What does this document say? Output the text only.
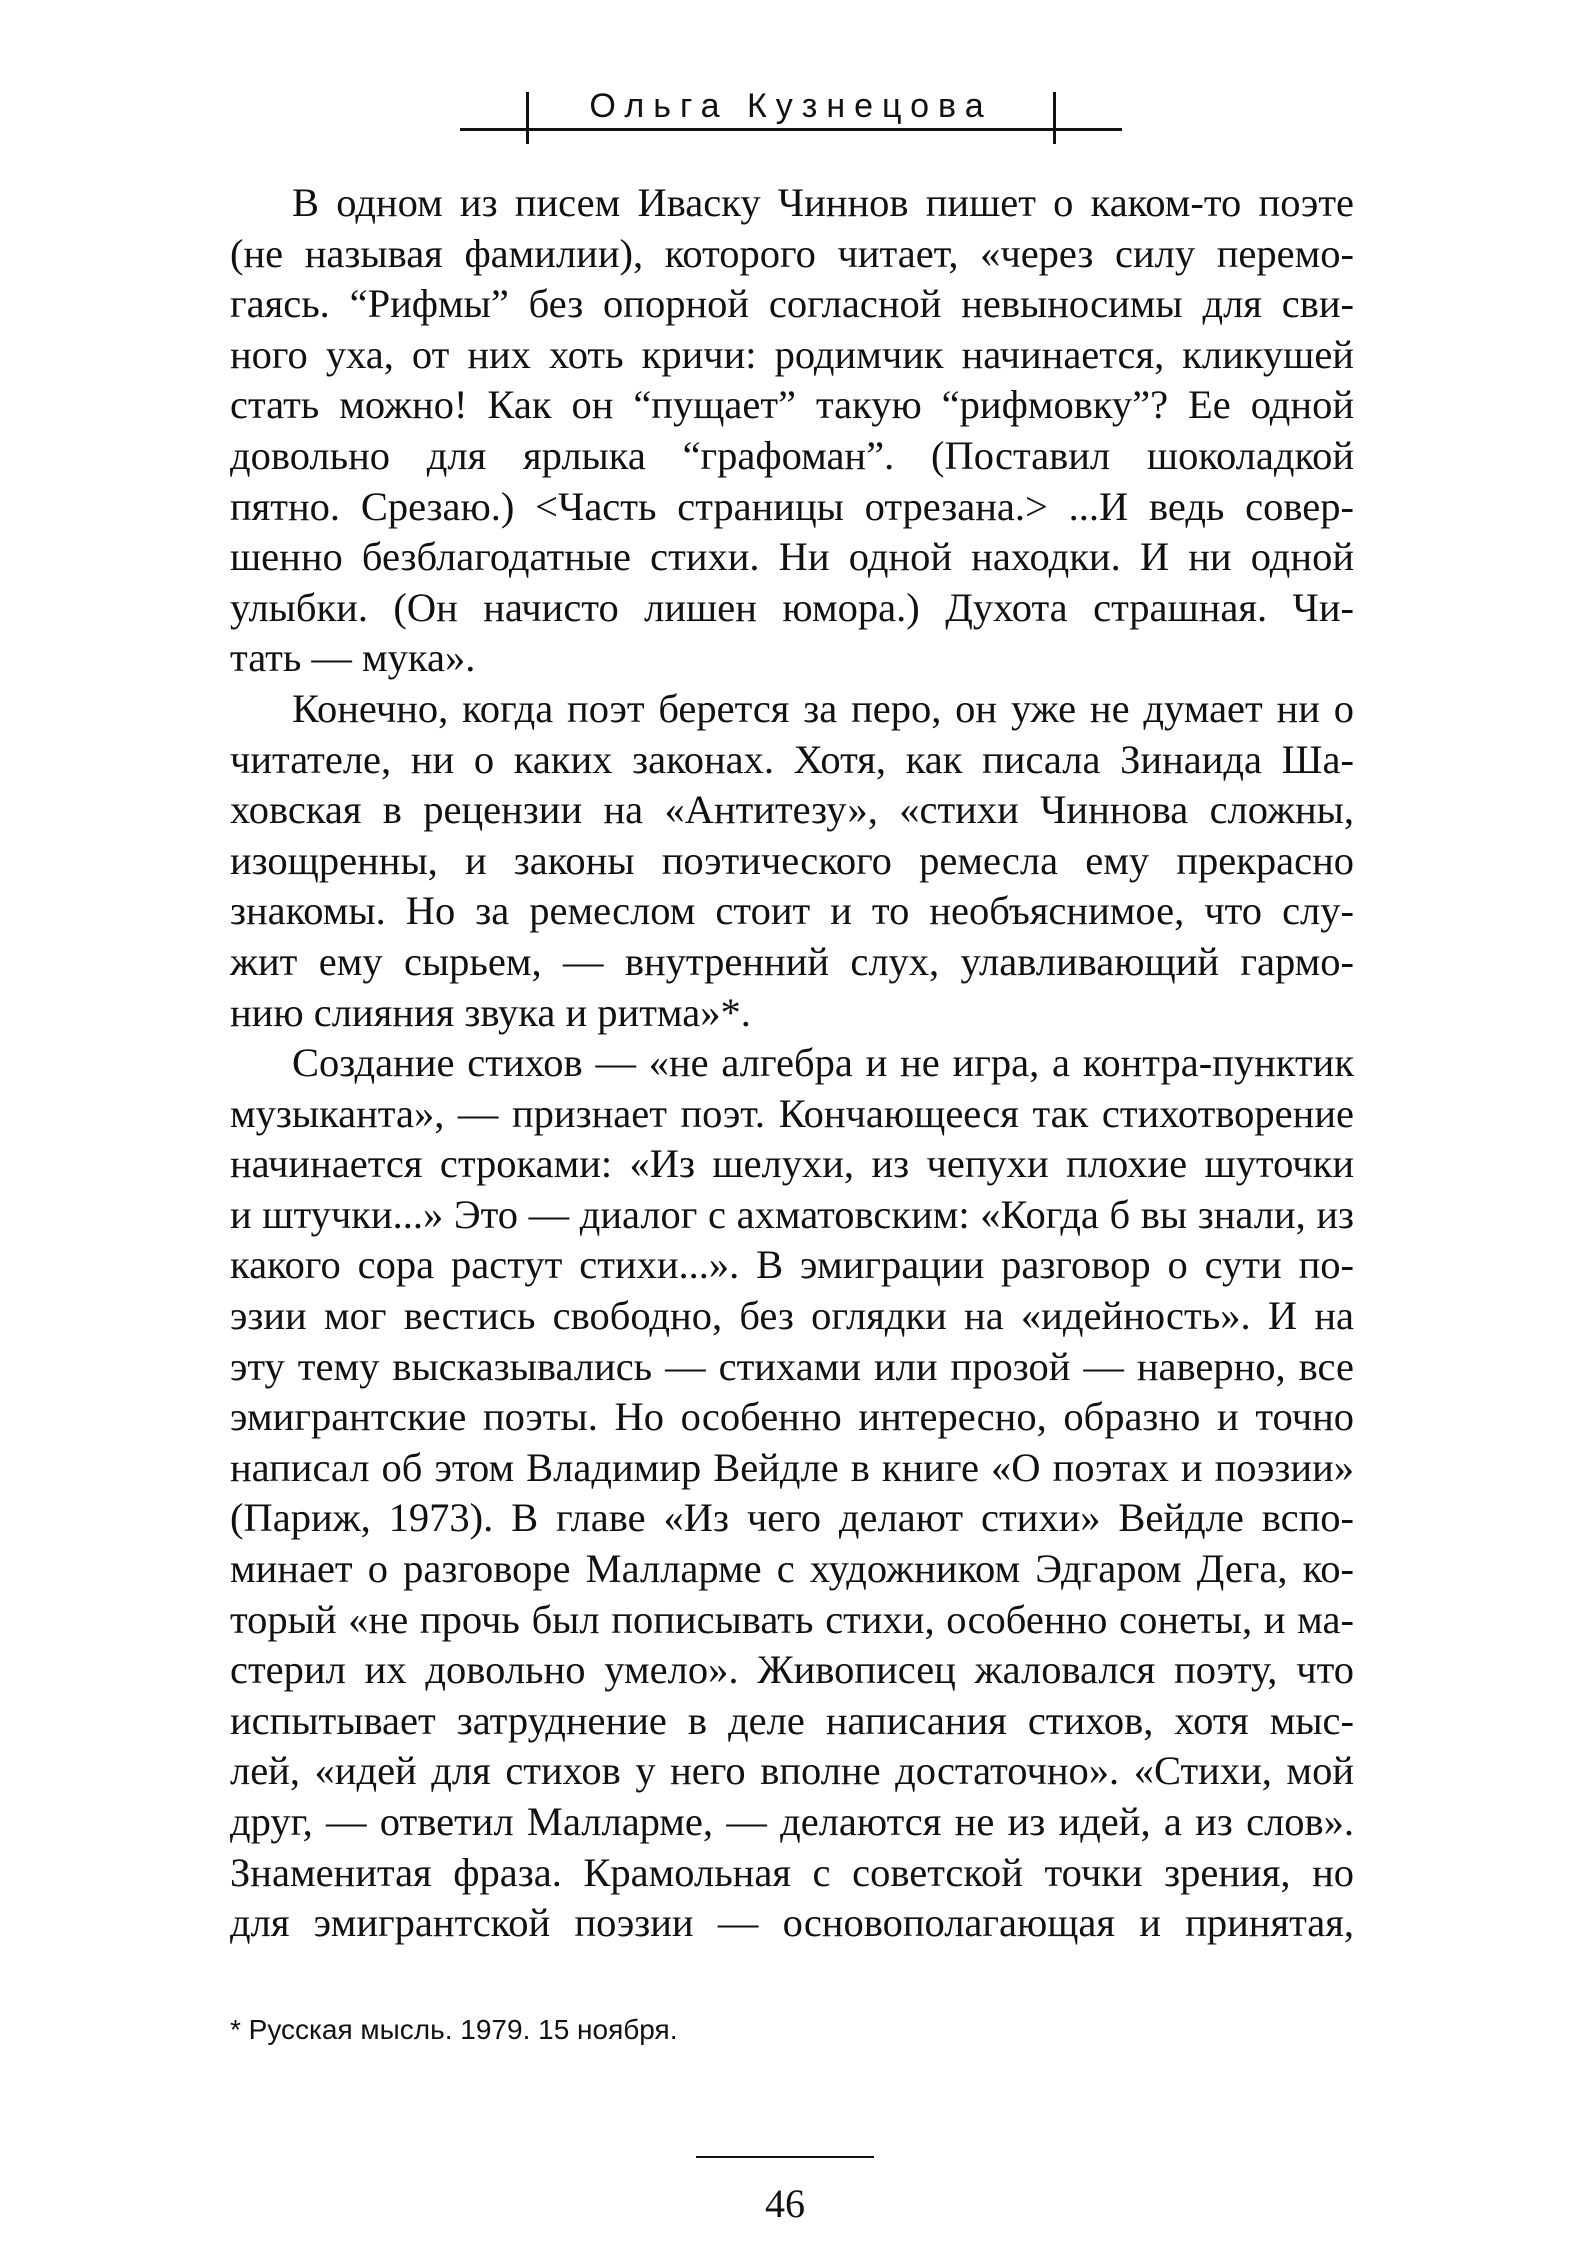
Ольга Кузнецова
В одном из писем Иваску Чиннов пишет о каком-то поэте
(не называя фамилии), которого читает, «через силу перемо-
гаясь. “Рифмы” без опорной согласной невыносимы для сви-
ного уха, от них хоть кричи: родимчик начинается, кликушей
стать можно! Как он “пущает” такую “рифмовку”? Ее одной
довольно для ярлыка “графоман”. (Поставил шоколадкой
пятно. Срезаю.) <Часть страницы отрезана.> ...И ведь совер-
шенно безблагодатные стихи. Ни одной находки. И ни одной
улыбки. (Он начисто лишен юмора.) Духота страшная. Чи-
тать — мука».
Конечно, когда поэт берется за перо, он уже не думает ни о
читателе, ни о каких законах. Хотя, как писала Зинаида Ша-
ховская в рецензии на «Антитезу», «стихи Чиннова сложны,
изощренны, и законы поэтического ремесла ему прекрасно
знакомы. Но за ремеслом стоит и то необъяснимое, что слу-
жит ему сырьем, — внутренний слух, улавливающий гармо-
нию слияния звука и ритма»*.
Создание стихов — «не алгебра и не игра, а контра-пунктик
музыканта», — признает поэт. Кончающееся так стихотворение
начинается строками: «Из шелухи, из чепухи плохие шуточки
и штучки...» Это — диалог с ахматовским: «Когда б вы знали, из
какого сора растут стихи...». В эмиграции разговор о сути по-
эзии мог вестись свободно, без оглядки на «идейность». И на
эту тему высказывались — стихами или прозой — наверно, все
эмигрантские поэты. Но особенно интересно, образно и точно
написал об этом Владимир Вейдле в книге «О поэтах и поэзии»
(Париж, 1973). В главе «Из чего делают стихи» Вейдле вспо-
минает о разговоре Малларме с художником Эдгаром Дега, ко-
торый «не прочь был пописывать стихи, особенно сонеты, и ма-
стерил их довольно умело». Живописец жаловался поэту, что
испытывает затруднение в деле написания стихов, хотя мыс-
лей, «идей для стихов у него вполне достаточно». «Стихи, мой
друг, — ответил Малларме, — делаются не из идей, а из слов».
Знаменитая фраза. Крамольная с советской точки зрения, но
для эмигрантской поэзии — основополагающая и принятая,
* Русская мысль. 1979. 15 ноября.
46
